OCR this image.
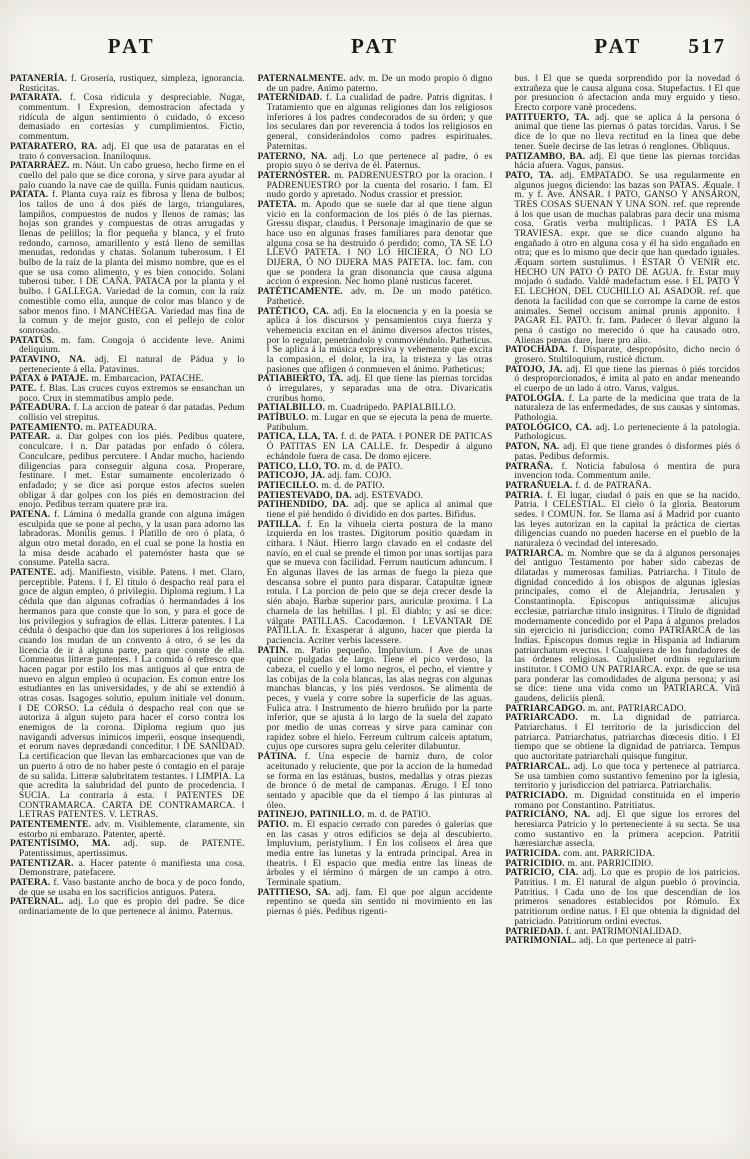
PAT	PAT	PAT 517

PATANERÍA. f. Grosería, rustiquez, simpleza, ignorancia. Rusticitas.

PATARATA. f. Cosa ridícula y despreciable. Nugæ, commentum. ‖ Expresion, demostracion afectada y ridícula de algun sentimiento ó cuidado, ó exceso demasiado en cortesías y cumplimientos. Fictio, commentum.

PATARATERO, RA. adj. El que usa de pataratas en el trato ó conversacion. Inaniloquus.

PATARRÁEZ. m. Náut. Un cabo grueso, hecho firme en el cuello del palo que se dice corona, y sirve para ayudar al palo cuando la nave cae de quilla. Funis quidam nauticus.

PATATA. f. Planta cuya raíz es fibrosa y llena de bulbos; los tallos de uno á dos piés de largo, triangulares, lampiños, compuestos de nudos y llenos de ramas; las hojas son grandes y compuestas de otras arrugadas y llenas de pelillos; la flor pequeña y blanca, y el fruto redondo, carnoso, amarillento y está lleno de semillas menudas, redondas y chatas. Solanum tuberosum. ‖ El bulbo de la raíz de la planta del mismo nombre, que es el que se usa como alimento, y es bien conocido. Solani tuberosi tuber. ‖ DE CAÑA. PATACA por la planta y el bulbo. ‖ GALLEGA. Variedad de la comun, con la raíz comestible como ella, aunque de color mas blanco y de sabor menos fino. ‖ MANCHEGA. Variedad mas fina de la comun y de mejor gusto, con el pellejo de color sonrosado.

PATATÚS. m. fam. Congoja ó accidente leve. Animi deliquium.

PATAVINO, NA. adj. El natural de Pádua y lo perteneciente á ella. Patavinus.

PATAX ó PATAJE. m. Embarcacion, PATACHE.

PATE. f. Blas. Las cruces cuyos extremos se ensanchan un poco. Crux in stemmatibus amplo pede.

PATEADURA. f. La accion de patear ó dar patadas. Pedum collisio vel strepitus.

PATEAMIENTO. m. PATEADURA.

PATEAR. a. Dar golpes con los piés. Pedibus quatere, conculcare. ‖ n. Dar patadas por enfado ó cólera. Conculcare, pedibus percutere. ‖ Andar mucho, haciendo diligencias para conseguir alguna cosa. Properare, festinare. ‖ met. Estar sumamente encolerizado ó enfadado; y se dice así porque estos afectos suelen obligar á dar golpes con los piés en demostracion del enojo. Pedibus terram quatere præ ira.

PATENA. f. Lámina ó medalla grande con alguna imágen esculpida que se pone al pecho, y la usan para adorno las labradoras. Monilis genus. ‖ Platillo de oro ó plata, ó algun otro metal dorado, en el cual se pone la hostia en la misa desde acabado el paternóster hasta que se consume. Patella sacra.

PATENTE. adj. Manifiesto, visible. Patens. ‖ met. Claro, perceptible. Patens. ‖ f. El título ó despacho real para el goce de algun empleo, ó privilegio. Diploma regium. ‖ La cédula que dan algunas cofradías ó hermandades á los hermanos para que conste que lo son, y para el goce de los privilegios y sufragios de ellas. Litteræ patentes. ‖ La cédula ó despacho que dan los superiores á los religiosos cuando los mudan de un convento á otro, ó se les da licencia de ir á alguna parte, para que conste de ella. Commeatus litteræ patentes. ‖ La comida ó refresco que hacen pagar por estilo los mas antiguos al que entra de nuevo en algun empleo ú ocupacion. Es comun entre los estudiantes en las universidades, y de ahí se extendió á otras cosas. Isagoges solutio, epulum initiale vel donum. ‖ DE CORSO. La cédula ó despacho real con que se autoriza á algun sujeto para hacer el corso contra los enemigos de la corona. Diploma regium quo jus navigandi adversus inimicos imperii, eosque insequendi, et eorum naves deprædandi conceditur. ‖ DE SANIDAD. La certificacion que llevan las embarcaciones que van de un puerto á otro de no haber peste ó contagio en el paraje de su salida. Litteræ salubritatem testantes. ‖ LIMPIA. La que acredita la salubridad del punto de procedencia. ‖ SUCIA. La contraria á esta. ‖ PATENTES DE CONTRAMARCA. CARTA DE CONTRAMARCA. ‖ LETRAS PATENTES. V. LETRAS.

PATENTEMENTE. adv. m. Visiblemente, claramente, sin estorbo ni embarazo. Patenter, apertè.

PATENTÍSIMO, MA. adj. sup. de PATENTE. Patentissimus, apertissimus.

PATENTIZAR. a. Hacer patente ó manifiesta una cosa. Demonstrare, patefacere.

PATERA. f. Vaso bastante ancho de boca y de poco fondo, de que se usaba en los sacrificios antiguos. Patera.

PATERNAL. adj. Lo que es propio del padre. Se dice ordinariamente de lo que pertenece al ánimo. Paternus.

PATERNALMENTE. adv. m. De un modo propio ó digno de un padre. Animo paterno.

PATERNIDAD. f. La cualidad de padre. Patris dignitas. ‖ Tratamiento que en algunas religiones dan los religiosos inferiores á los padres condecorados de su órden; y que los seculares dan por reverencia á todos los religiosos en general, considerándolos como padres espirituales. Paternitas.

PATERNO, NA. adj. Lo que pertenece al padre, ó es propio suyo ó se deriva de él. Paternus.

PATERNÓSTER. m. PADRENUESTRO por la oracion. ‖ PADRENUESTRO por la cuenta del rosario. ‖ fam. El nudo gordo y apretado. Nodus crassior et pressior.

PATETA. m. Apodo que se suele dar al que tiene algun vicio en la conformacion de los piés ó de las piernas. Gressu dispar, claudus. ‖ Personaje imaginario de que se hace uso en algunas frases familiares para denotar que alguna cosa se ha destruido ó perdido; como, TA SE LO LLEVÓ PATETA. ‖ NO LO HICIERA, Ó NO LO DIJERA, Ó NO DIJERA MAS PATETA. loc. fam. con que se pondera la gran disonancia que causa alguna accion ó expresion. Nec homo planè rusticus faceret.

PATÉTICAMENTE. adv. m. De un modo patético. Patheticè.

PATÉTICO, CA. adj. En la elocuencia y en la poesía se aplica á los discursos y pensamientos cuya fuerza y vehemencia excitan en el ánimo diversos afectos tristes, por lo regular, penetrándolo y conmoviéndolo. Patheticus. ‖ Se aplica á la música expresiva y vehemente que excita la compasion, el dolor, la ira, la tristeza y las otras pasiones que afligen ó conmueven el ánimo. Patheticus;

PATIABIERTO, TA. adj. El que tiene las piernas torcidas ó irregulares, y separadas una de otra. Divaricatis cruribus homo.

PATIALBILLO. m. Cuadrúpedo. PAPIALBILLO.

PATÍBULO. m. Lugar en que se ejecuta la pena de muerte. Patibulum.

PATICA, LLA, TA. f. d. de PATA. ‖ PONER DE PATICAS Ó PATITAS EN LA CALLE. fr. Despedir á alguno echándole fuera de casa. De domo ejicere.

PATICO, LLO, TO. m. d. de PATO.

PATICOJO, JA. adj. fam. COJO.

PATIECILLO. m. d. de PATIO.

PATIESTEVADO, DA. adj. ESTEVADO.

PATIHENDIDO, DA. adj. que se aplica al animal que tiene el pié hendido ó dividido en dos partes. Bifidus.

PATILLA. f. En la vihuela cierta postura de la mano izquierda en los trastes. Digitorum positio quædam in cithara. ‖ Náut. Hierro largo clavado en el codaste del navío, en el cual se prende el timon por unas sortijas para que se mueva con facilidad. Ferrum nauticum aduncum. ‖ En algunas llaves de las armas de fuego la pieza que descansa sobre el punto para disparar. Catapultæ igneæ rotula. ‖ La porcion de pelo que se deja crecer desde la sién abajo. Barbæ superior pars, auriculæ proxima. ‖ La charnela de las hebillas. ‖ pl. El diablo; y así se dice: válgate PATILLAS. Cacodæmon. ‖ LEVANTAR DE PATILLA. fr. Exasperar á alguno, hacer que pierda la paciencia. Acriter verbis lacessere.

PATIN. m. Patio pequeño. Impluvium. ‖ Ave de unas quince pulgadas de largo. Tiene el pico verdoso, la cabeza, el cuello y el lomo negros, el pecho, el vientre y las cobijas de la cola blancas, las alas negras con algunas manchas blancas, y los piés verdosos. Se alimenta de peces, y vuela y corre sobre la superficie de las aguas. Fulica atra. ‖ Instrumento de hierro bruñido por la parte inferior, que se ajusta á lo largo de la suela del zapato por medio de unas correas y sirve para caminar con rapidez sobre el hielo. Ferreum cultrum calceis aptatum, cujus ope cursores supra gelu celeriter dilabuntur.

PÁTINA. f. Una especie de barniz duro, de color aceitunado y reluciente, que por la accion de la humedad se forma en las estátuas, bustos, medallas y otras piezas de bronce ó de metal de campanas. Ærugo. ‖ El tono sentado y apacible que da el tiempo á las pinturas al óleo.

PATINEJO, PATINILLO. m. d. de PATIO.

PATIO. m. El espacio cerrado con paredes ó galerías que en las casas y otros edificios se deja al descubierto. Impluvium, peristylium. ‖ En los coliseos el área que media entre las lunetas y la entrada principal. Area in theatris. ‖ El espacio que media entre las líneas de árboles y el término ó márgen de un campo á otro. Terminale spatium.

PATITIESO, SA. adj. fam. El que por algun accidente repentino se queda sin sentido ni movimiento en las piernas ó piés. Pedibus rigenti-

bus. ‖ El que se queda sorprendido por la novedad ó extrañeza que le causa alguna cosa. Stupefactus. ‖ El que por presuncion ó afectacion anda muy erguido y tieso. Erecto corpore vanè procedens.

PATITUERTO, TA. adj. que se aplica á la persona ó animal que tiene las piernas ó patas torcidas. Varus. ‖ Se dice de lo que no lleva rectitud en la línea que debe tener. Suele decirse de las letras ó renglones. Obliquus.

PATIZAMBO, BA. adj. El que tiene las piernas torcidas hácia afuera. Vagus, pansus.

PATO, TA. adj. EMPATADO. Se usa regularmente en algunos juegos diciendo: las bazas son PATAS. Æquale. ‖ m. y f. Ave. ÁNSAR. ‖ PATO, GANSO Y ANSARON, TRES COSAS SUENAN Y UNA SON. ref. que reprende á los que usan de muchas palabras para decir una misma cosa. Gratis verba multiplicas. ‖ PATA ES LA TRAVIESA. expr. que se dice cuando alguno ha engañado á otro en alguna cosa y él ha sido engañado en otra; que es lo mismo que decir que han quedado iguales. Æquam sortem sustulimus. ‖ ESTAR Ó VENIR etc. HECHO UN PATO Ó PATO DE AGUA. fr. Estar muy mojado ó sudado. Valdè madefactum esse. ‖ EL PATO Y EL LECHON, DEL CUCHILLO AL ASADOR. ref. que denota la facilidad con que se corrompe la carne de estos animales. Semel occisum animal prunis apponito. ‖ PAGAR EL PATO. fr. fam. Padecer ó llevar alguno la pena ó castigo no merecido ó que ha causado otro. Alienas pœnas dare, luere pro alio.

PATOCHADA. f. Disparate, despropósito, dicho necio ó grosero. Stultiloquium, rusticè dictum.

PATOJO, JA. adj. El que tiene las piernas ó piés torcidos ó desproporcionados, é imita al pato en andar meneando el cuerpo de un lado á otro. Varus, valgus.

PATOLOGÍA. f. La parte de la medicina que trata de la naturaleza de las enfermedades, de sus causas y síntomas. Pathologia.

PATOLÓGICO, CA. adj. Lo perteneciente á la patología. Pathologicus.

PATON, NA. adj. El que tiene grandes ó disformes piés ó patas. Pedibus deformis.

PATRAÑA. f. Noticia fabulosa ó mentira de pura invencion toda. Commentum anile.

PATRAÑUELA. f. d. de PATRAÑA.

PATRIA. f. El lugar, ciudad ó país en que se ha nacido. Patria. ‖ CELESTIAL. El cielo ó la gloria. Beatorum sedes. ‖ COMUN. for. Se llama así á Madrid por cuanto las leyes autorizan en la capital la práctica de ciertas diligencias cuando no pueden hacerse en el pueblo de la naturaleza ó vecindad del interesado.

PATRIARCA. m. Nombre que se da á algunos personajes del antiguo Testamento por haber sido cabezas de dilatadas y numerosas familias. Patriarcha. ‖ Título de dignidad concedido á los obispos de algunas iglesias principales, como el de Alejandría, Jerusalen y Constantinopla. Episcopus antiquissimæ alicujus ecclesiæ, patriarchæ titulo insignitus. ‖ Título de dignidad modernamente concedido por el Papa á algunos prelados sin ejercicio ni jurisdiccion; como PATRIARCA de las Indias. Episcopus domus regiæ in Hispania ad Indiarum patriarchatum evectus. ‖ Cualquiera de los fundadores de las órdenes religiosas. Cujuslibet ordinis regularium institutor. ‖ COMO UN PATRIARCA. expr. de que se usa para ponderar las comodidades de alguna persona; y así se dice: tiene una vida como un PATRIARCA. Vitâ gaudens, deliciis plenâ.

PATRIARCADGO. m. ant. PATRIARCADO.

PATRIARCADO. m. La dignidad de patriarca. Patriarchatus. ‖ El territorio de la jurisdiccion del patriarca. Patriarchatus, patriarchas diœcesis ditio. ‖ El tiempo que se obtiene la dignidad de patriarca. Tempus quo auctoritate patriarchali quisque fungitur.

PATRIARCAL. adj. Lo que toca y pertenece al patriarca. Se usa tambien como sustantivo femenino por la iglesia, territorio y jurisdiccion del patriarca. Patriarchalis.

PATRICIADO. m. Dignidad constituida en el imperio romano por Constantino. Patritiatus.

PATRICIANO, NA. adj. El que sigue los errores del heresiarca Patricio y lo perteneciente á su secta. Se usa como sustantivo en la primera acepcion. Patritii hæresiarchæ assecla.

PATRICIDA. com. ant. PARRICIDA.

PATRICIDIO. m. ant. PARRICIDIO.

PATRICIO, CIA. adj. Lo que es propio de los patricios. Patritius. ‖ m. El natural de algun pueblo ó provincia. Patritius. ‖ Cada uno de los que descendian de los primeros senadores establecidos por Rómulo. Ex patritiorum ordine natus. ‖ El que obtenia la dignidad del patriciado. Patritiorum ordini evectus.

PATRIEDAD. f. ant. PATRIMONIALIDAD.

PATRIMONIAL. adj. Lo que pertenece al patri-
